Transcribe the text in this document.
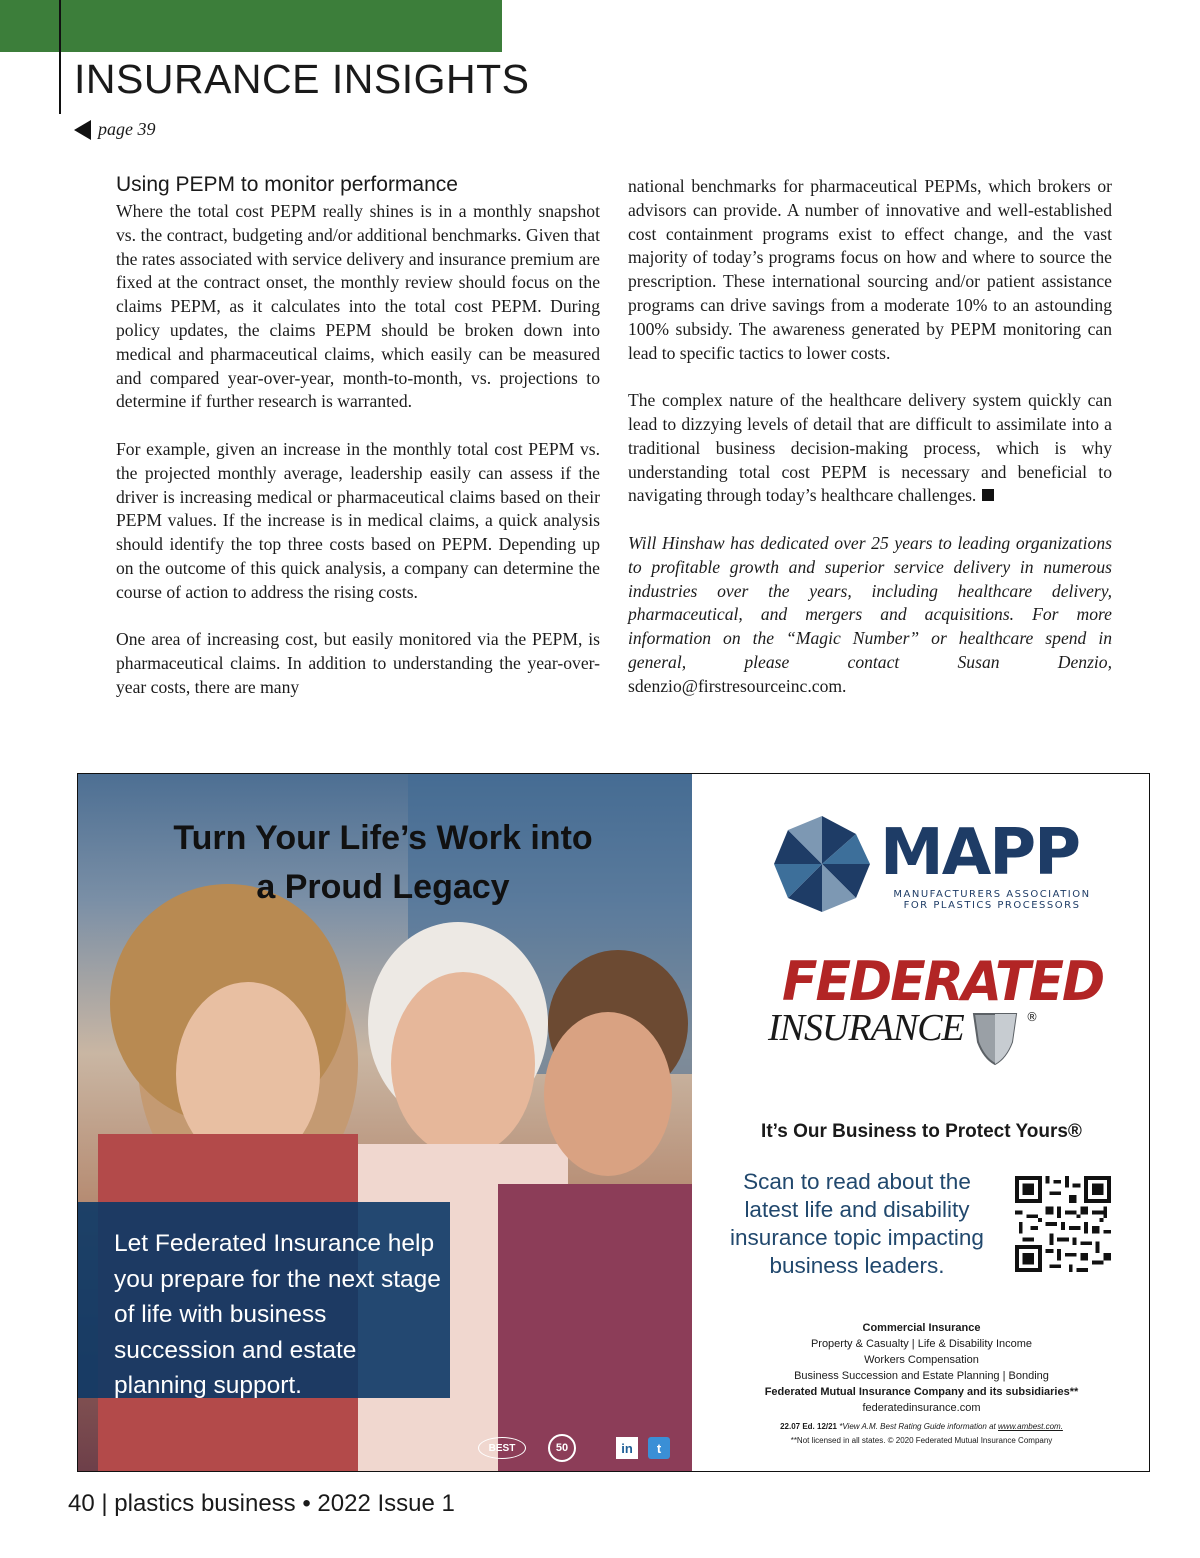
INSURANCE INSIGHTS
page 39
Using PEPM to monitor performance

Where the total cost PEPM really shines is in a monthly snapshot vs. the contract, budgeting and/or additional benchmarks. Given that the rates associated with service delivery and insurance premium are fixed at the contract onset, the monthly review should focus on the claims PEPM, as it calculates into the total cost PEPM. During policy updates, the claims PEPM should be broken down into medical and pharmaceutical claims, which easily can be measured and compared year-over-year, month-to-month, vs. projections to determine if further research is warranted.

For example, given an increase in the monthly total cost PEPM vs. the projected monthly average, leadership easily can assess if the driver is increasing medical or pharmaceutical claims based on their PEPM values. If the increase is in medical claims, a quick analysis should identify the top three costs based on PEPM. Depending up on the outcome of this quick analysis, a company can determine the course of action to address the rising costs.

One area of increasing cost, but easily monitored via the PEPM, is pharmaceutical claims. In addition to understanding the year-over-year costs, there are many

national benchmarks for pharmaceutical PEPMs, which brokers or advisors can provide. A number of innovative and well-established cost containment programs exist to effect change, and the vast majority of today’s programs focus on how and where to source the prescription. These international sourcing and/or patient assistance programs can drive savings from a moderate 10% to an astounding 100% subsidy. The awareness generated by PEPM monitoring can lead to specific tactics to lower costs.

The complex nature of the healthcare delivery system quickly can lead to dizzying levels of detail that are difficult to assimilate into a traditional business decision-making process, which is why understanding total cost PEPM is necessary and beneficial to navigating through today’s healthcare challenges.

Will Hinshaw has dedicated over 25 years to leading organizations to profitable growth and superior service delivery in numerous industries over the years, including healthcare delivery, pharmaceutical, and mergers and acquisitions. For more information on the “Magic Number” or healthcare spend in general, please contact Susan Denzio, sdenzio@firstresourceinc.com.

Turn Your Life’s Work into
a Proud Legacy
Let Federated Insurance help you prepare for the next stage of life with business succession and estate planning support.
BEST	50	in	t

MAPP

MANUFACTURERS ASSOCIATION
FOR PLASTICS PROCESSORS

FEDERATED

INSURANCE	®

It’s Our Business to Protect Yours®

Scan to read about the latest life and disability insurance topic impacting business leaders.

Commercial Insurance
Property & Casualty | Life & Disability Income
Workers Compensation
Business Succession and Estate Planning | Bonding
Federated Mutual Insurance Company and its subsidiaries**
federatedinsurance.com
22.07 Ed. 12/21 *View A.M. Best Rating Guide information at www.ambest.com.
**Not licensed in all states. © 2020 Federated Mutual Insurance Company

40 | plastics business • 2022 Issue 1
